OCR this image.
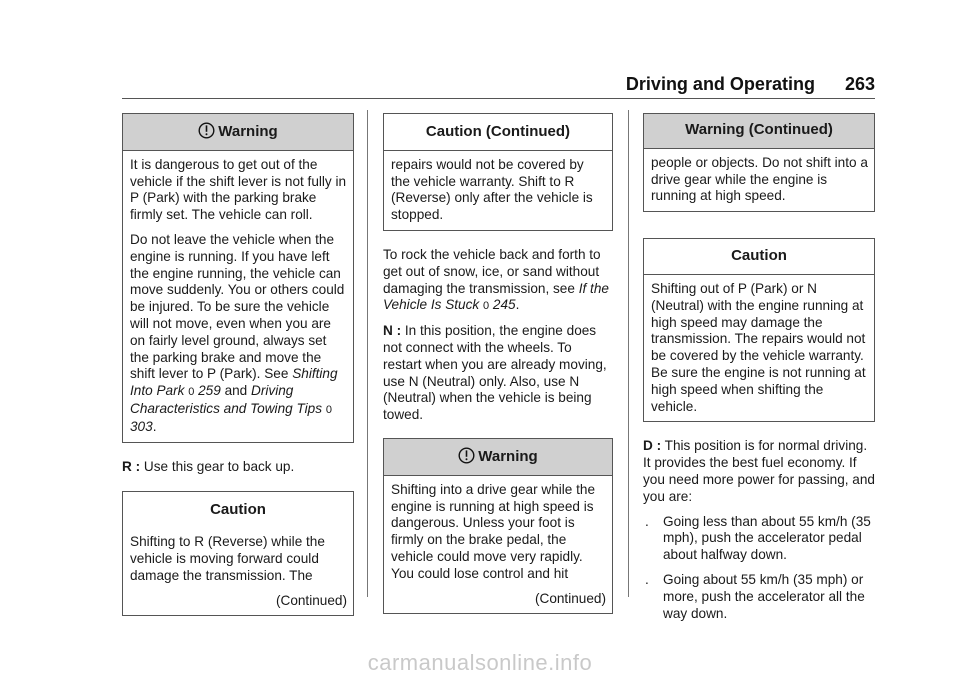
Driving and Operating 263
Warning

It is dangerous to get out of the vehicle if the shift lever is not fully in P (Park) with the parking brake firmly set. The vehicle can roll.

Do not leave the vehicle when the engine is running. If you have left the engine running, the vehicle can move suddenly. You or others could be injured. To be sure the vehicle will not move, even when you are on fairly level ground, always set the parking brake and move the shift lever to P (Park). See Shifting Into Park 0 259 and Driving Characteristics and Towing Tips 0 303.

R : Use this gear to back up.

Caution

Shifting to R (Reverse) while the vehicle is moving forward could damage the transmission. The

(Continued)
Caution (Continued)

repairs would not be covered by the vehicle warranty. Shift to R (Reverse) only after the vehicle is stopped.

To rock the vehicle back and forth to get out of snow, ice, or sand without damaging the transmission, see If the Vehicle Is Stuck 0 245.

N : In this position, the engine does not connect with the wheels. To restart when you are already moving, use N (Neutral) only. Also, use N (Neutral) when the vehicle is being towed.

Warning

Shifting into a drive gear while the engine is running at high speed is dangerous. Unless your foot is firmly on the brake pedal, the vehicle could move very rapidly. You could lose control and hit

(Continued)
Warning (Continued)

people or objects. Do not shift into a drive gear while the engine is running at high speed.

Caution

Shifting out of P (Park) or N (Neutral) with the engine running at high speed may damage the transmission. The repairs would not be covered by the vehicle warranty. Be sure the engine is not running at high speed when shifting the vehicle.

D : This position is for normal driving. It provides the best fuel economy. If you need more power for passing, and you are:

. Going less than about 55 km/h (35 mph), push the accelerator pedal about halfway down.
. Going about 55 km/h (35 mph) or more, push the accelerator all the way down.
carmanualsonline.info
